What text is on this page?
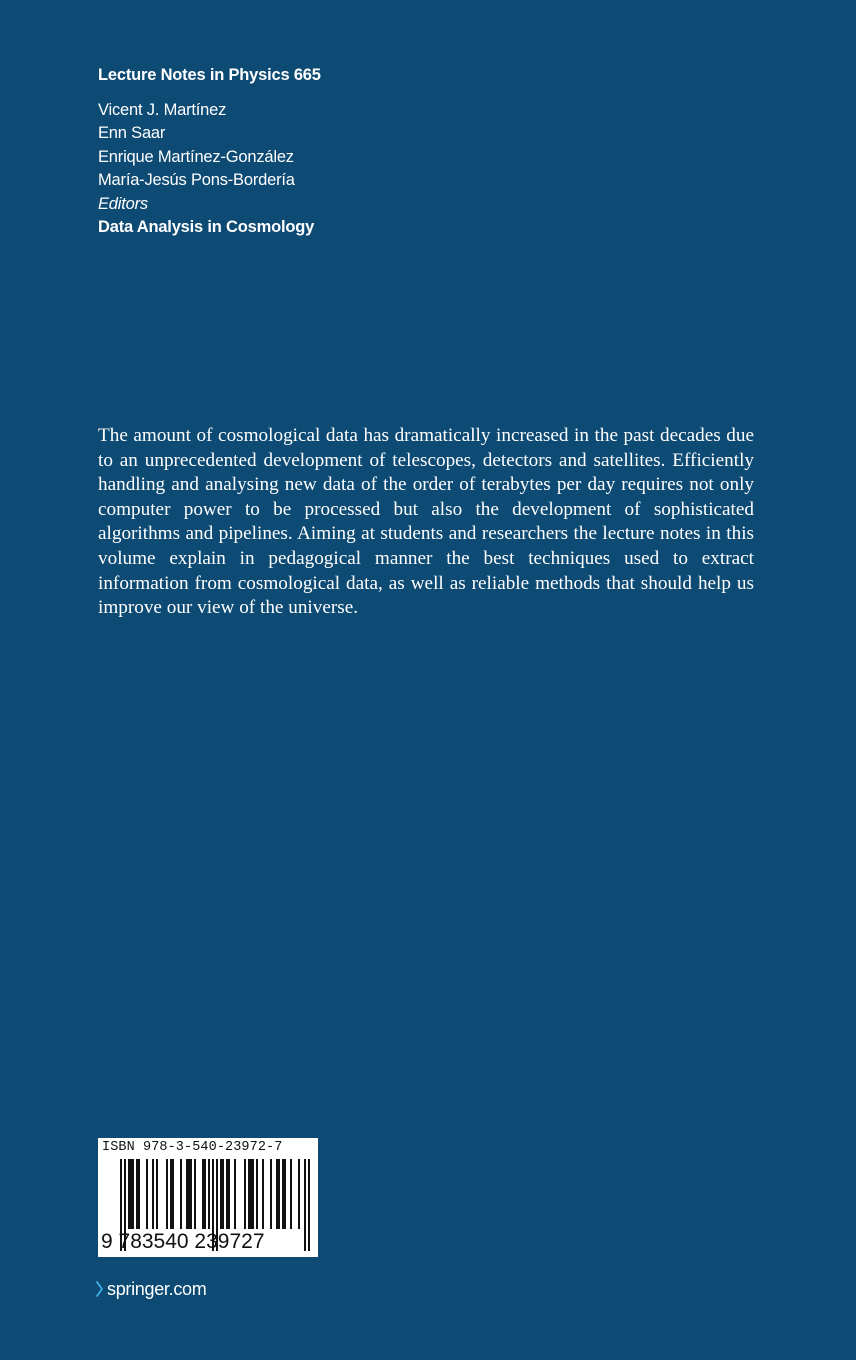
Lecture Notes in Physics 665
Vicent J. Martínez
Enn Saar
Enrique Martínez-González
María-Jesús Pons-Bordería
Editors
Data Analysis in Cosmology

The amount of cosmological data has dramatically increased in the past decades due to an unprecedented development of telescopes, detectors and satellites. Efficiently handling and analysing new data of the order of terabytes per day requires not only computer power to be processed but also the development of sophisticated algorithms and pipelines. Aiming at students and researchers the lecture notes in this volume explain in pedagogical manner the best techniques used to extract information from cosmological data, as well as reliable methods that should help us improve our view of the universe.

ISBN 978-3-540-23972-7
9 783540 239727
springer.com
